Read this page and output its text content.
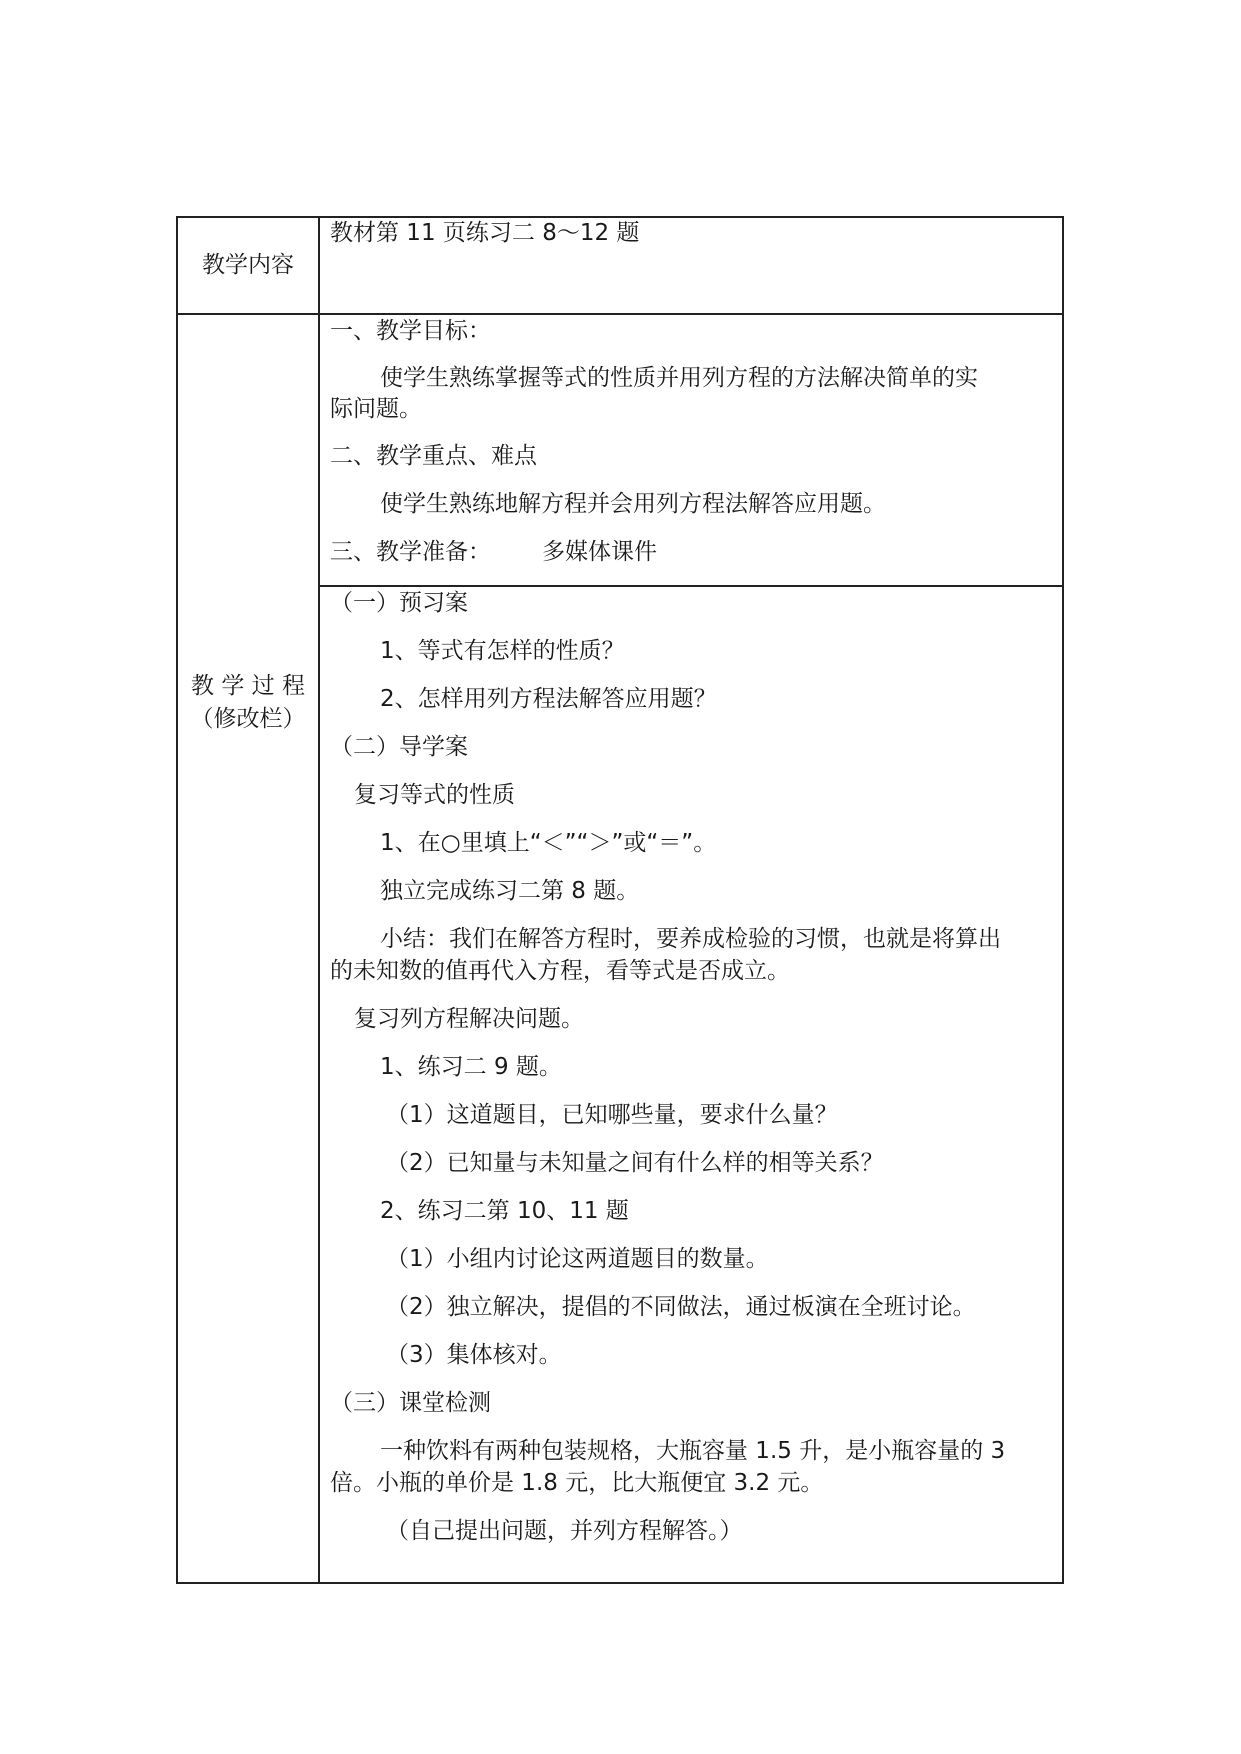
教学内容
教材第 11 页练习二 8～12 题
教 学 过 程
（修改栏）
一、教学目标：
使学生熟练掌握等式的性质并用列方程的方法解决简单的实
际问题。
二、教学重点、难点
使学生熟练地解方程并会用列方程法解答应用题。
三、教学准备： 多媒体课件
（一）预习案
1、等式有怎样的性质？
2、怎样用列方程法解答应用题？
（二）导学案
复习等式的性质
1、在○里填上“＜”“＞”或“＝”。
独立完成练习二第 8 题。
小结：我们在解答方程时，要养成检验的习惯，也就是将算出
的未知数的值再代入方程，看等式是否成立。
复习列方程解决问题。
1、练习二 9 题。
（1）这道题目，已知哪些量，要求什么量？
（2）已知量与未知量之间有什么样的相等关系？
2、练习二第 10、11 题
（1）小组内讨论这两道题目的数量。
（2）独立解决，提倡的不同做法，通过板演在全班讨论。
（3）集体核对。
（三）课堂检测
一种饮料有两种包装规格，大瓶容量 1.5 升，是小瓶容量的 3
倍。小瓶的单价是 1.8 元，比大瓶便宜 3.2 元。
（自己提出问题，并列方程解答。）
